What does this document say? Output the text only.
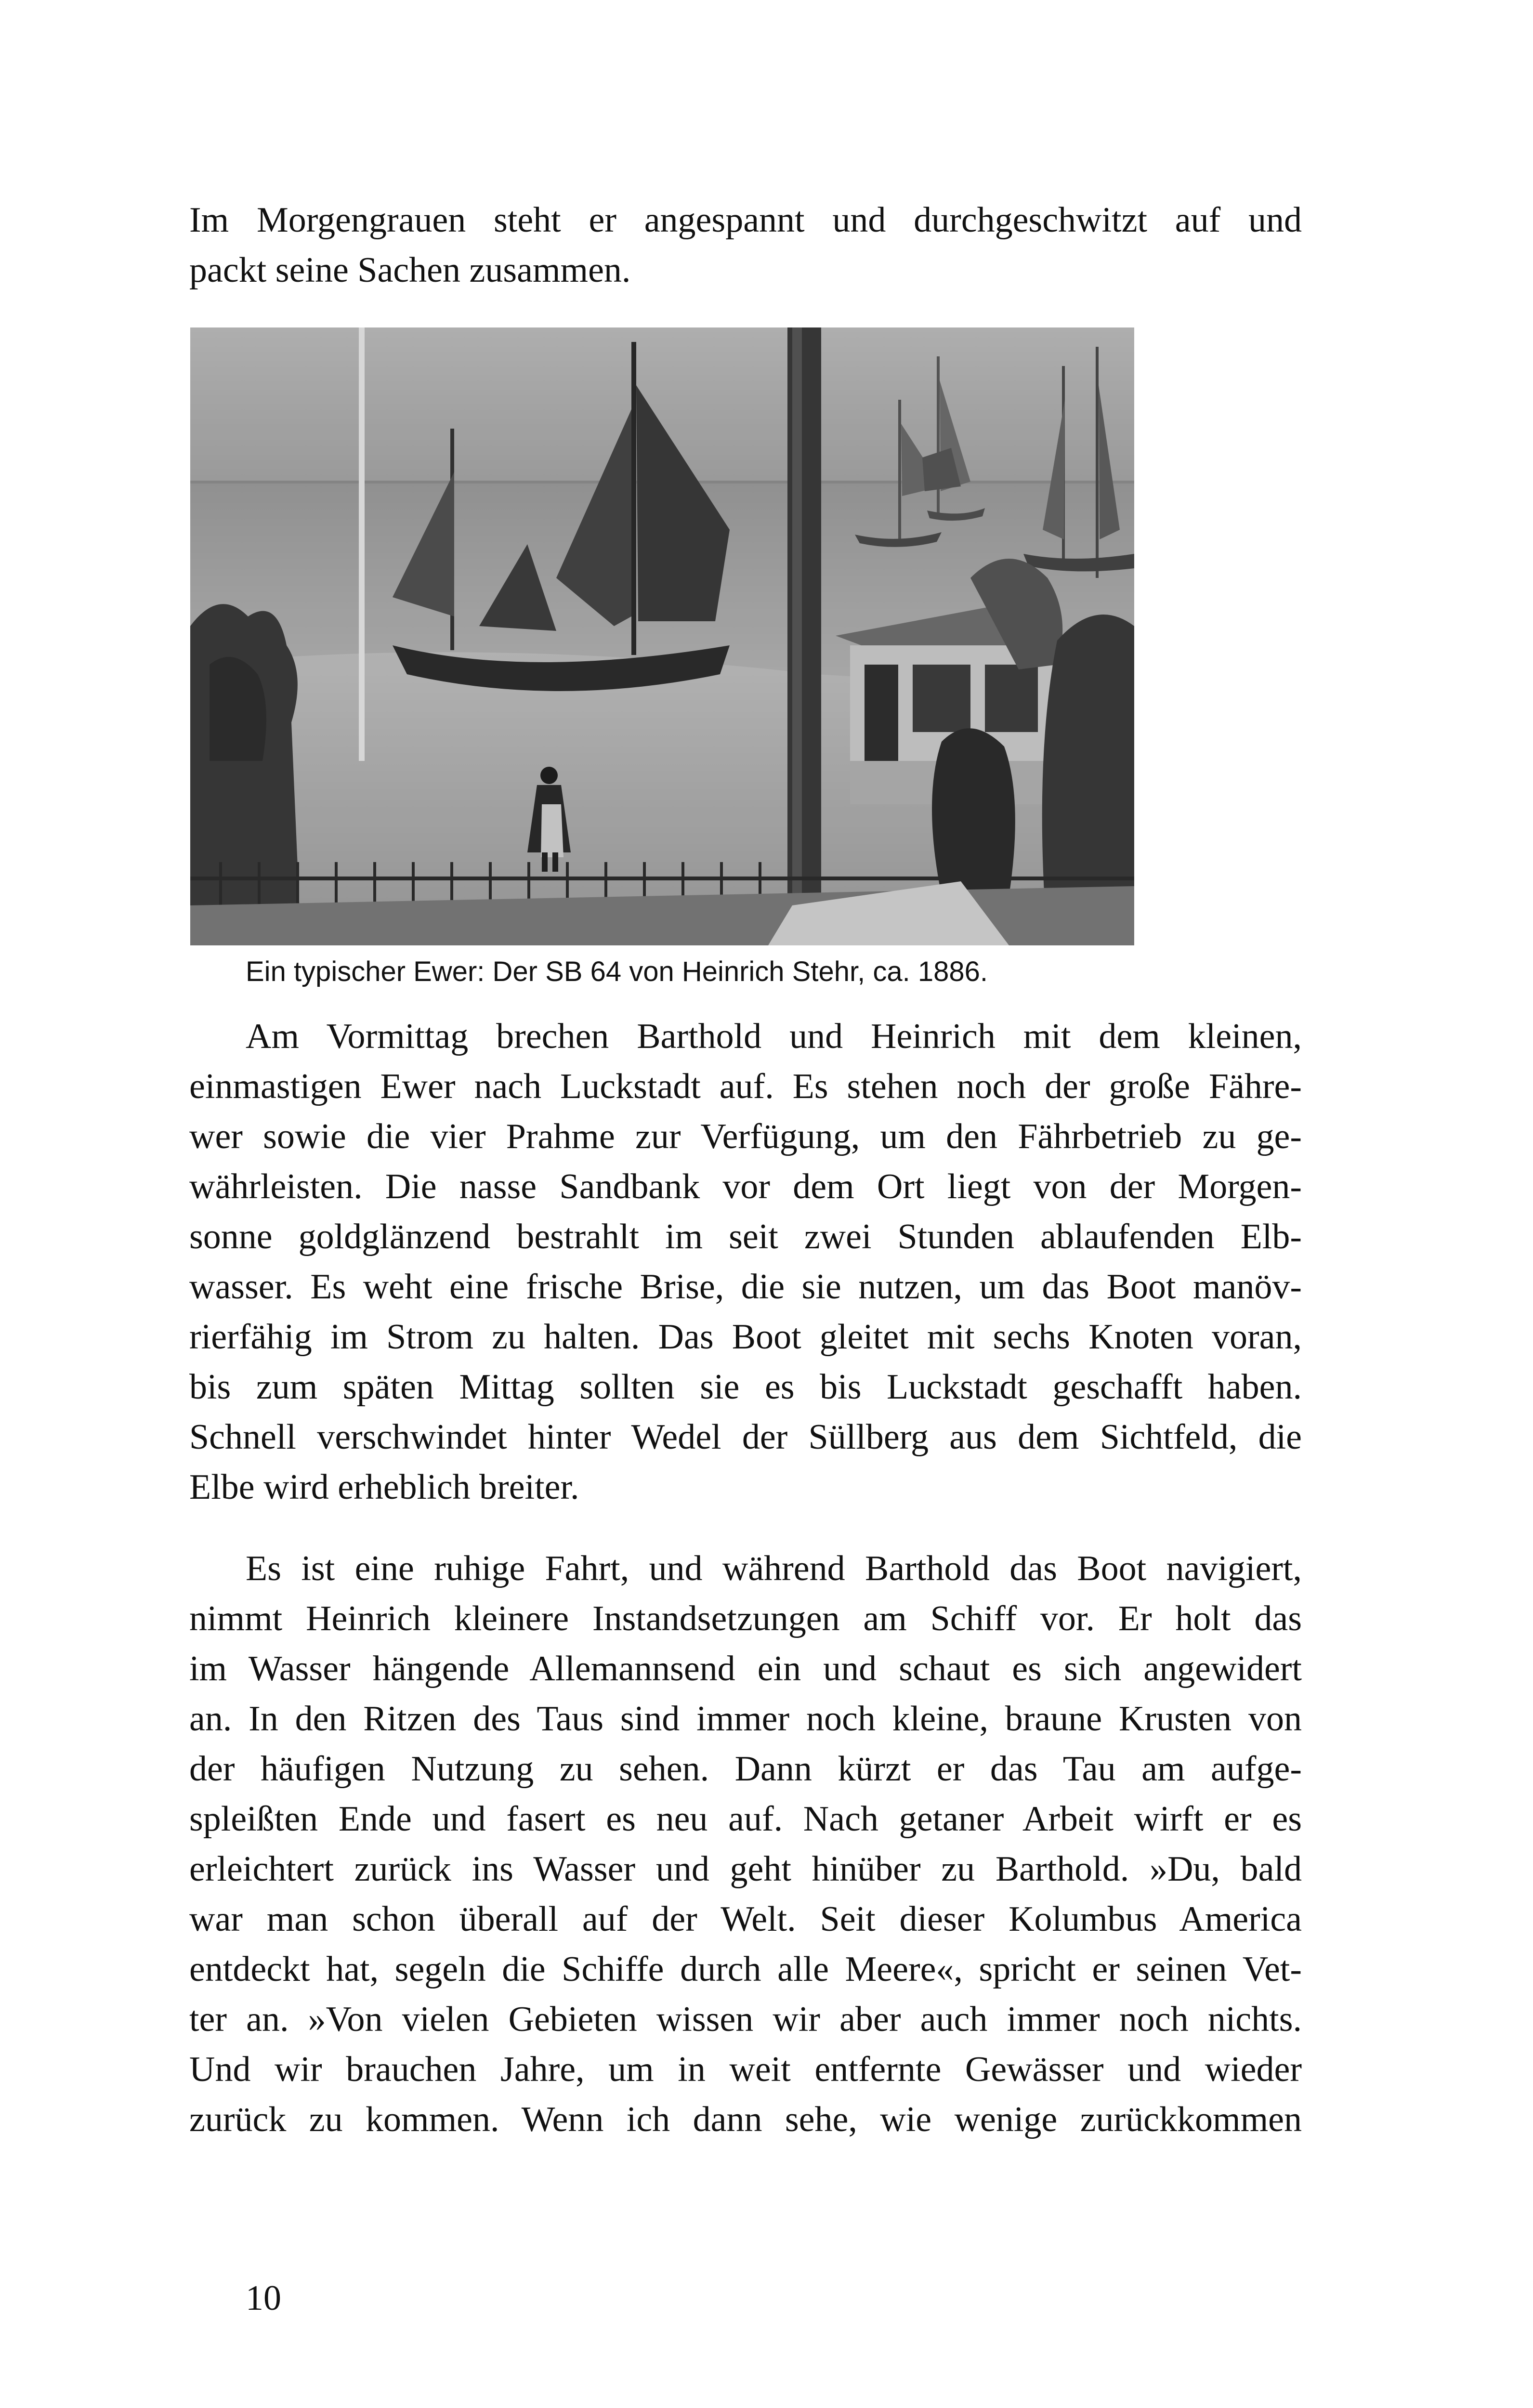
Im Morgengrauen steht er angespannt und durchgeschwitzt auf und
packt seine Sachen zusammen.
Ein typischer Ewer: Der SB 64 von Heinrich Stehr, ca. 1886.
Am Vormittag brechen Barthold und Heinrich mit dem kleinen,
einmastigen Ewer nach Luckstadt auf. Es stehen noch der große Fähre-
wer sowie die vier Prahme zur Verfügung, um den Fährbetrieb zu ge-
währleisten. Die nasse Sandbank vor dem Ort liegt von der Morgen-
sonne goldglänzend bestrahlt im seit zwei Stunden ablaufenden Elb-
wasser. Es weht eine frische Brise, die sie nutzen, um das Boot manöv-
rierfähig im Strom zu halten. Das Boot gleitet mit sechs Knoten voran,
bis zum späten Mittag sollten sie es bis Luckstadt geschafft haben.
Schnell verschwindet hinter Wedel der Süllberg aus dem Sichtfeld, die
Elbe wird erheblich breiter.
Es ist eine ruhige Fahrt, und während Barthold das Boot navigiert,
nimmt Heinrich kleinere Instandsetzungen am Schiff vor. Er holt das
im Wasser hängende Allemannsend ein und schaut es sich angewidert
an. In den Ritzen des Taus sind immer noch kleine, braune Krusten von
der häufigen Nutzung zu sehen. Dann kürzt er das Tau am aufge-
spleißten Ende und fasert es neu auf. Nach getaner Arbeit wirft er es
erleichtert zurück ins Wasser und geht hinüber zu Barthold. »Du, bald
war man schon überall auf der Welt. Seit dieser Kolumbus America
entdeckt hat, segeln die Schiffe durch alle Meere«, spricht er seinen Vet-
ter an. »Von vielen Gebieten wissen wir aber auch immer noch nichts.
Und wir brauchen Jahre, um in weit entfernte Gewässer und wieder
zurück zu kommen. Wenn ich dann sehe, wie wenige zurückkommen
10
